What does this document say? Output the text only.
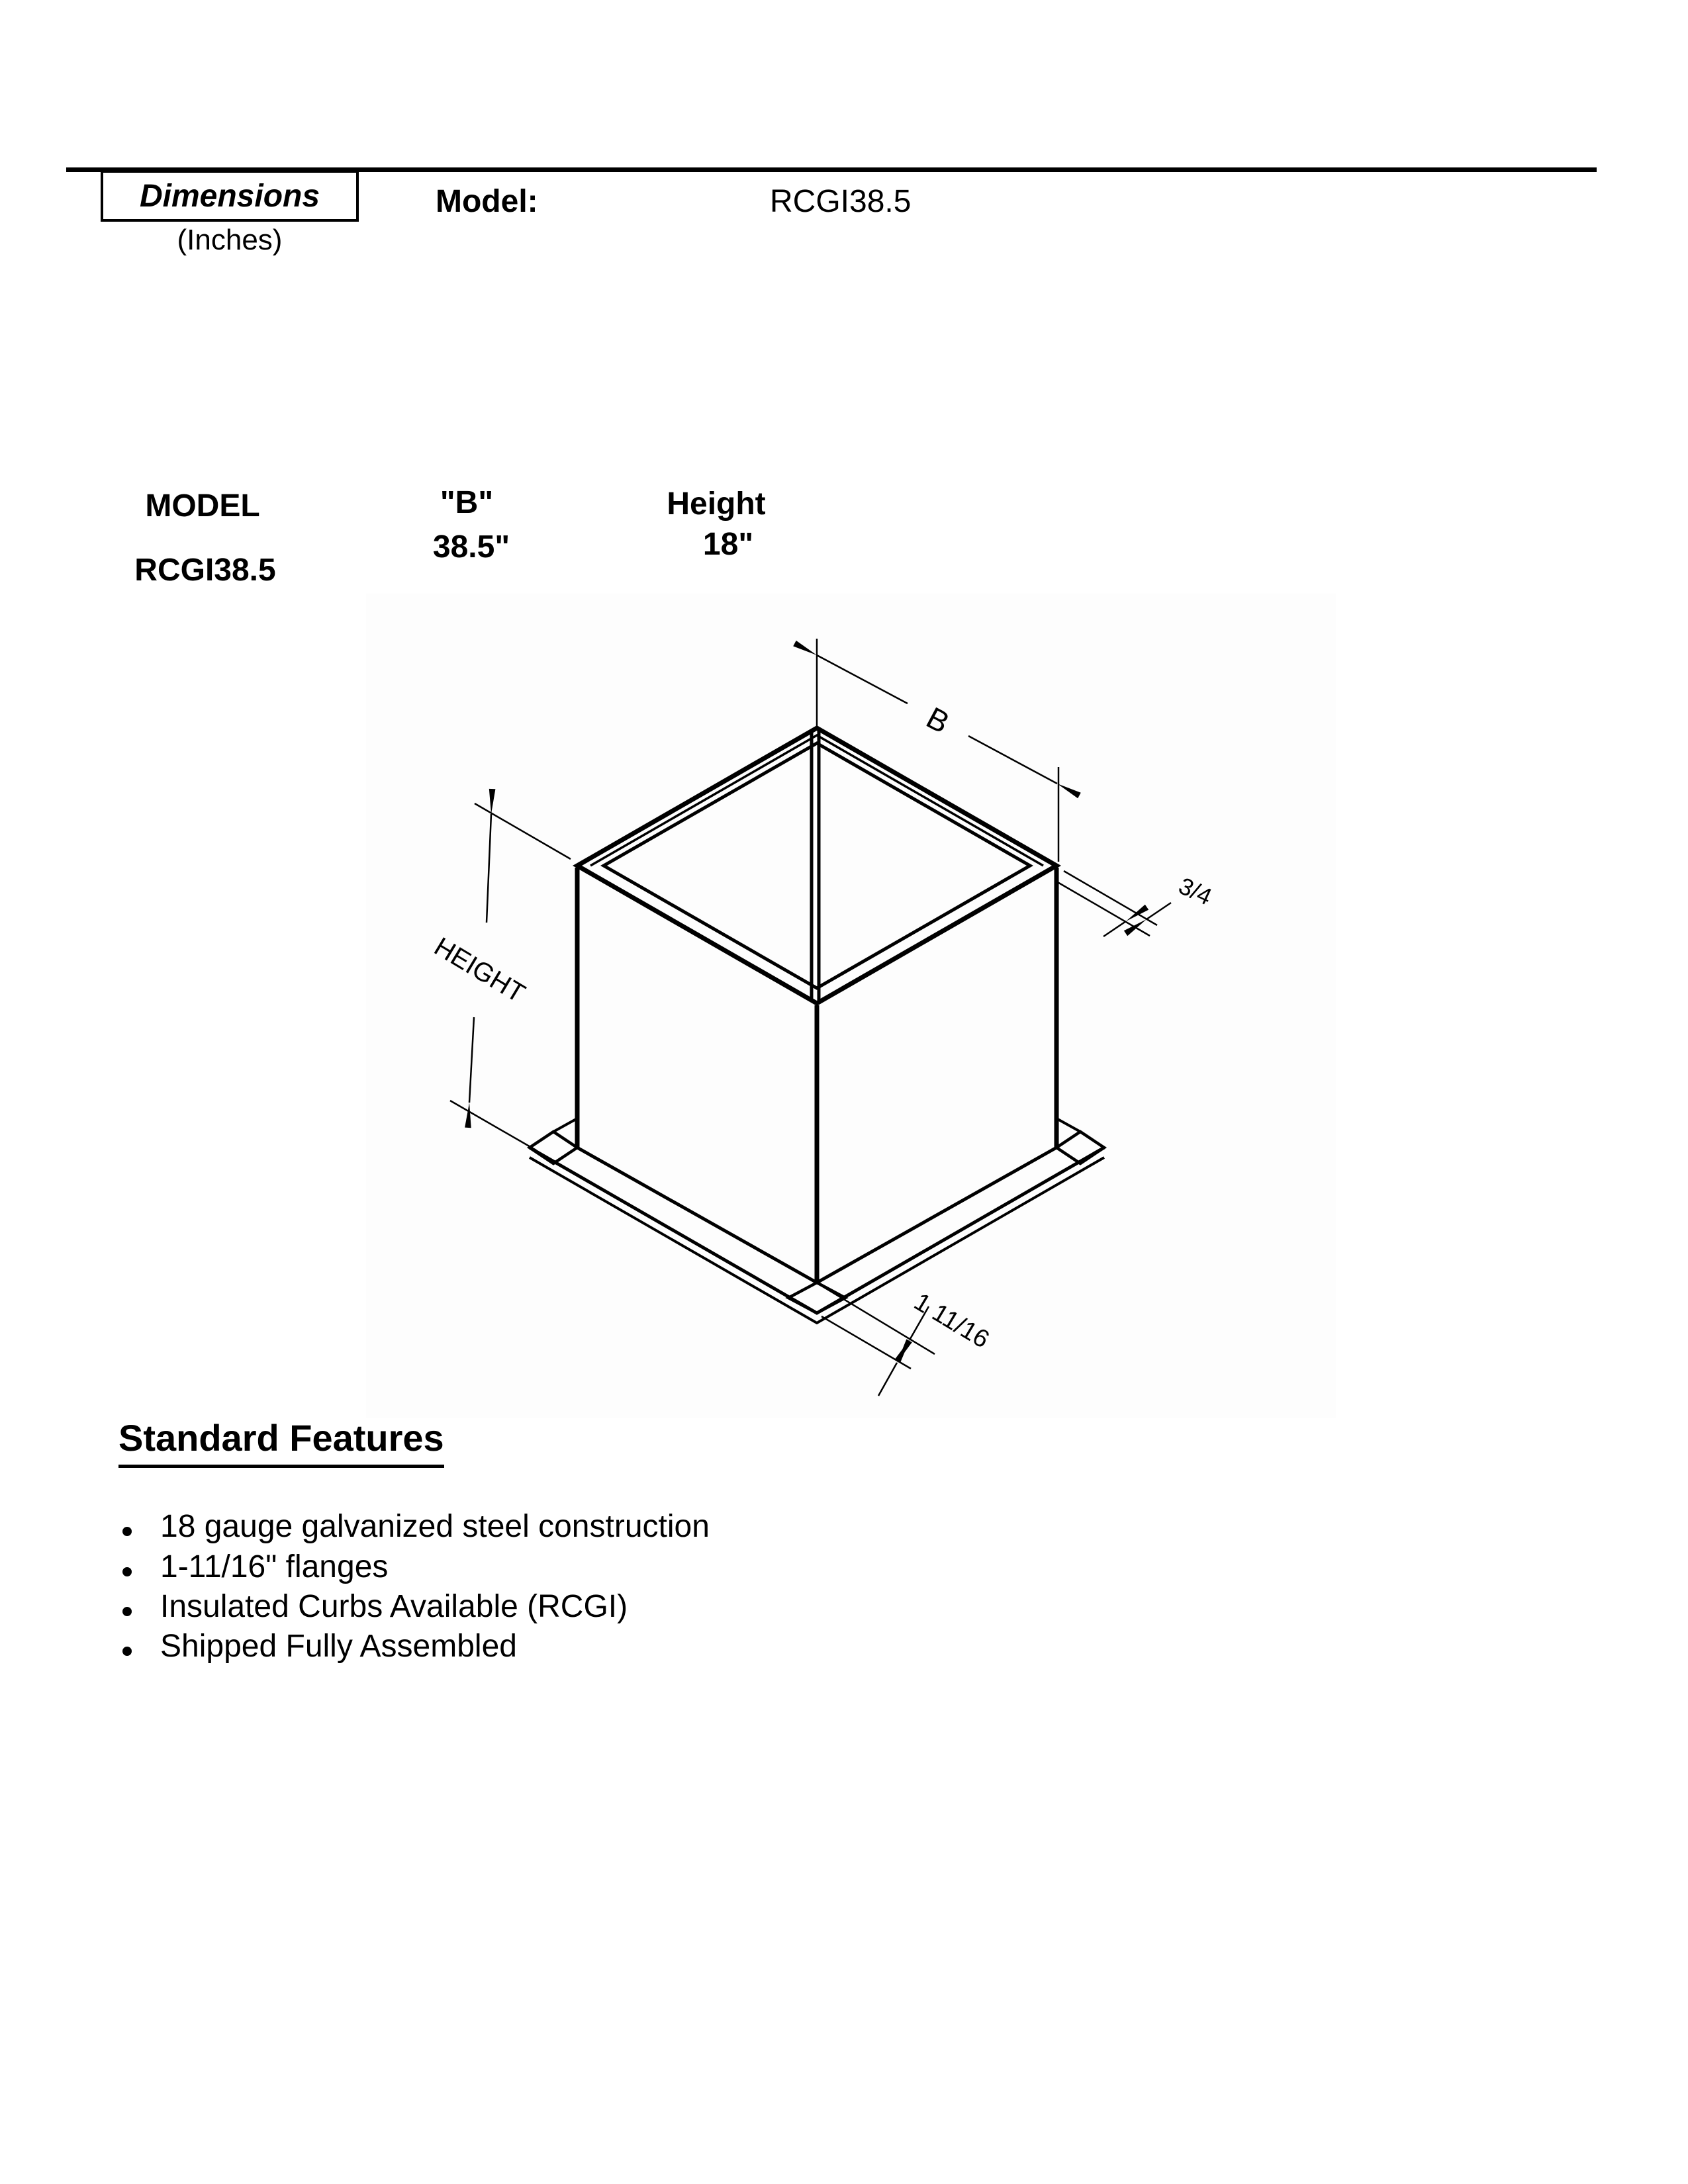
Dimensions
(Inches)
Model:	RCGI38.5
MODEL
RCGI38.5
"B"
38.5"
Height
18"
B
HEIGHT
3/4
1 11/16
Standard Features
18 gauge galvanized steel construction
1-11/16" flanges
Insulated Curbs Available (RCGI)
Shipped Fully Assembled
